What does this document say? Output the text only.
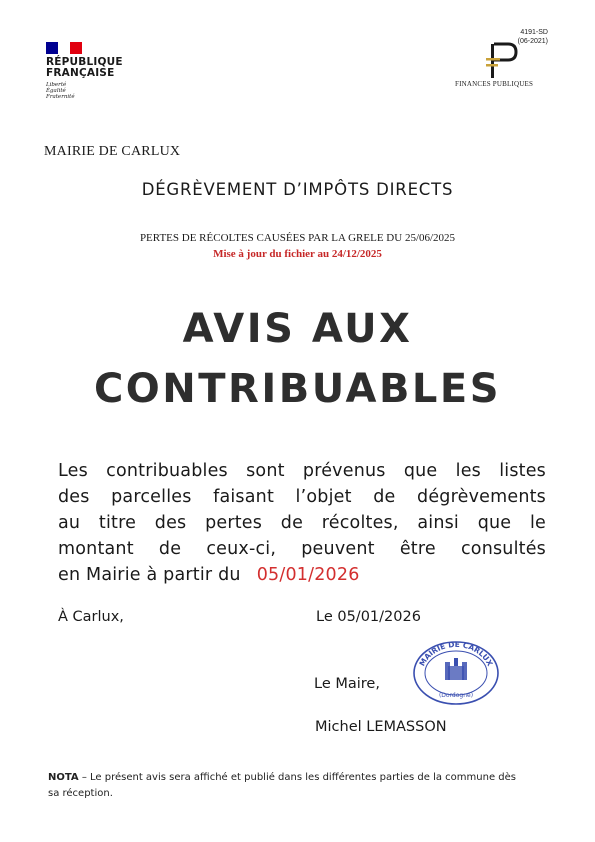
RÉPUBLIQUE
FRANÇAISE
Liberté
Égalité
Fraternité
4191-SD
(06-2021)
FINANCES PUBLIQUES
MAIRIE DE CARLUX
DÉGRÈVEMENT D’IMPÔTS DIRECTS
PERTES DE RÉCOLTES CAUSÉES PAR LA GRELE DU 25/06/2025
Mise à jour du fichier au 24/12/2025
AVIS AUX
CONTRIBUABLES
Les contribuables sont prévenus que les listes
des parcelles faisant l’objet de dégrèvements
au titre des pertes de récoltes, ainsi que le
montant de ceux-ci, peuvent être consultés
en Mairie à partir du 05/01/2026
À Carlux,	Le 05/01/2026
MAIRIE DE CARLUX
(Dordogne)
Le Maire,
Michel LEMASSON
NOTA – Le présent avis sera affiché et publié dans les différentes parties de la commune dès sa réception.
